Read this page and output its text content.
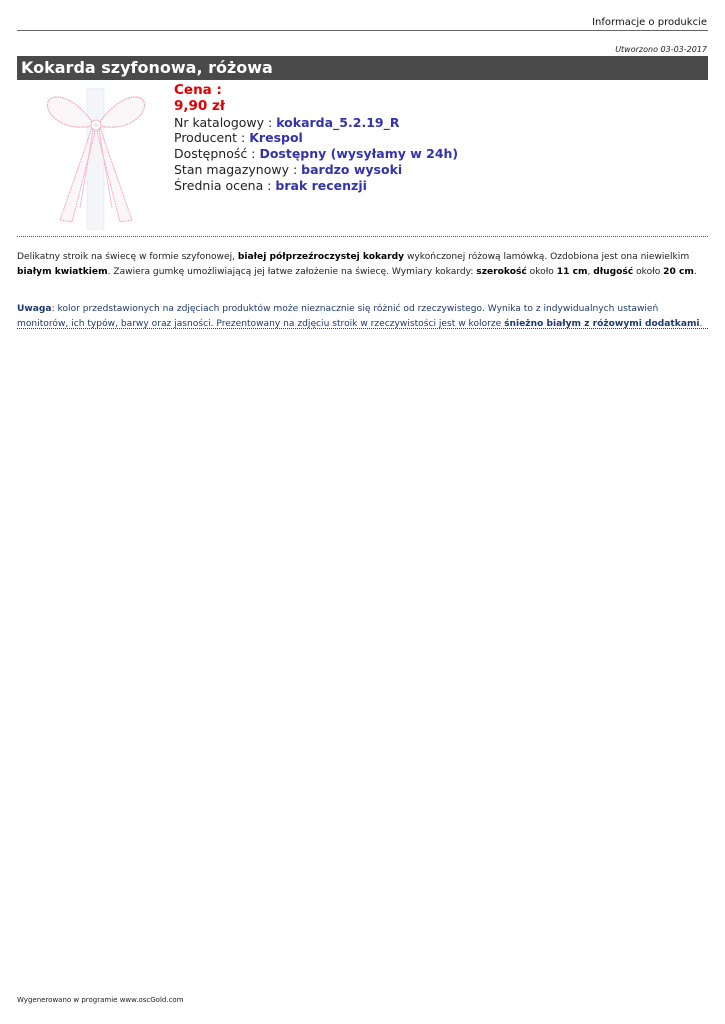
Informacje o produkcie
Utworzono 03-03-2017
Kokarda szyfonowa, różowa
Cena :
9,90 zł
Nr katalogowy : kokarda_5.2.19_R
Producent : Krespol
Dostępność : Dostępny (wysyłamy w 24h)
Stan magazynowy : bardzo wysoki
Średnia ocena : brak recenzji
Delikatny stroik na świecę w formie szyfonowej, białej półprzeźroczystej kokardy wykończonej różową lamówką. Ozdobiona jest ona niewielkim białym kwiatkiem. Zawiera gumkę umożliwiającą jej łatwe założenie na świecę. Wymiary kokardy: szerokość około 11 cm, długość około 20 cm.
Uwaga: kolor przedstawionych na zdjęciach produktów może nieznacznie się różnić od rzeczywistego. Wynika to z indywidualnych ustawień monitorów, ich typów, barwy oraz jasności. Prezentowany na zdjęciu stroik w rzeczywistości jest w kolorze śnieżno białym z różowymi dodatkami.
Wygenerowano w programie www.oscGold.com
